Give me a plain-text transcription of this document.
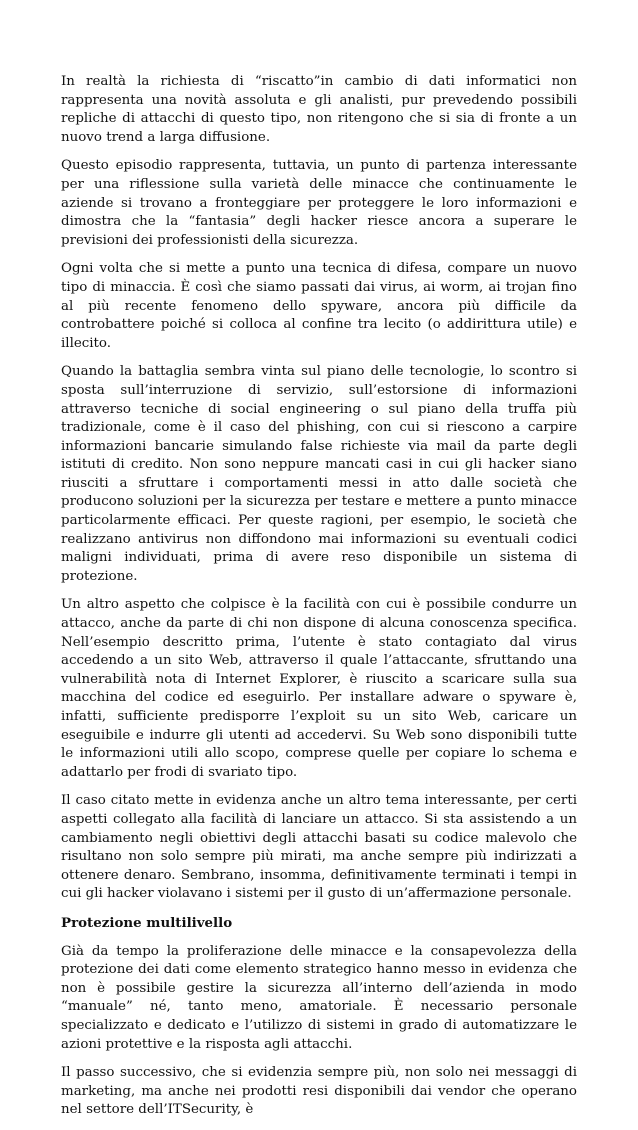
In realtà la richiesta di “riscatto”in cambio di dati informatici non rappresenta una novità assoluta e gli analisti, pur prevedendo possibili repliche di attacchi di questo tipo, non ritengono che si sia di fronte a un nuovo trend a larga diffusione.

Questo episodio rappresenta, tuttavia, un punto di partenza interessante per una riflessione sulla varietà delle minacce che continuamente le aziende si trovano a fronteggiare per proteggere le loro informazioni e dimostra che la “fantasia” degli hacker riesce ancora a superare le previsioni dei professionisti della sicurezza.

Ogni volta che si mette a punto una tecnica di difesa, compare un nuovo tipo di minaccia. È così che siamo passati dai virus, ai worm, ai trojan fino al più recente fenomeno dello spyware, ancora più difficile da controbattere poiché si colloca al confine tra lecito (o addirittura utile) e illecito.

Quando la battaglia sembra vinta sul piano delle tecnologie, lo scontro si sposta sull’interruzione di servizio, sull’estorsione di informazioni attraverso tecniche di social engineering o sul piano della truffa più tradizionale, come è il caso del phishing, con cui si riescono a carpire informazioni bancarie simulando false richieste via mail da parte degli istituti di credito. Non sono neppure mancati casi in cui gli hacker siano riusciti a sfruttare i comportamenti messi in atto dalle società che producono soluzioni per la sicurezza per testare e mettere a punto minacce particolarmente efficaci. Per queste ragioni, per esempio, le società che realizzano antivirus non diffondono mai informazioni su eventuali codici maligni individuati, prima di avere reso disponibile un sistema di protezione.

Un altro aspetto che colpisce è la facilità con cui è possibile condurre un attacco, anche da parte di chi non dispone di alcuna conoscenza specifica. Nell’esempio descritto prima, l’utente è stato contagiato dal virus accedendo a un sito Web, attraverso il quale l’attaccante, sfruttando una vulnerabilità nota di Internet Explorer, è riuscito a scaricare sulla sua macchina del codice ed eseguirlo. Per installare adware o spyware è, infatti, sufficiente predisporre l’exploit su un sito Web, caricare un eseguibile e indurre gli utenti ad accedervi. Su Web sono disponibili tutte le informazioni utili allo scopo, comprese quelle per copiare lo schema e adattarlo per frodi di svariato tipo.

Il caso citato mette in evidenza anche un altro tema interessante, per certi aspetti collegato alla facilità di lanciare un attacco. Si sta assistendo a un cambiamento negli obiettivi degli attacchi basati su codice malevolo che risultano non solo sempre più mirati, ma anche sempre più indirizzati a ottenere denaro. Sembrano, insomma, definitivamente terminati i tempi in cui gli hacker violavano i sistemi per il gusto di un’affermazione personale.

Protezione multilivello

Già da tempo la proliferazione delle minacce e la consapevolezza della protezione dei dati come elemento strategico hanno messo in evidenza che non è possibile gestire la sicurezza all’interno dell’azienda in modo “manuale” né, tanto meno, amatoriale. È necessario personale specializzato e dedicato e l’utilizzo di sistemi in grado di automatizzare le azioni protettive e la risposta agli attacchi.

Il passo successivo, che si evidenzia sempre più, non solo nei messaggi di marketing, ma anche nei prodotti resi disponibili dai vendor che operano nel settore dell’ITSecurity, è
